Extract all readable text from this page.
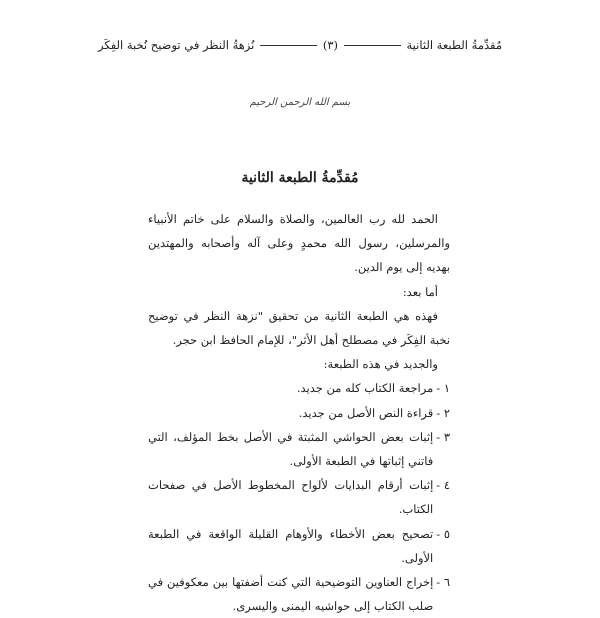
مُقدِّمةُ الطبعة الثانية
(٣)
نُزهةُ النظر في توضيح نُخبة الفِكَر
بسم الله الرحمن الرحيم
مُقدِّمةُ الطبعة الثانية

الحمد لله رب العالمين، والصلاة والسلام على خاتم الأنبياء والمرسلين، رسول الله محمدٍ وعلى آله وأصحابه والمهتدين بهديه إلى يوم الدين.

أما بعد:

فهذه هي الطبعة الثانية من تحقيق "نزهة النظر في توضيح نخبة الفِكَر في مصطلح أهل الأثر"، للإمام الحافظ ابن حجر.

والجديد في هذه الطبعة:

١ -
مراجعة الكتاب كله من جديد.
٢ -
قراءة النص الأصل من جديد.
٣ -
إثبات بعض الحواشي المثبتة في الأصل بخط المؤلف، التي فاتني إثباتها في الطبعة الأولى.
٤ -
إثبات أرقام البدايات لألواح المخطوط الأصل في صفحات الكتاب.
٥ -
تصحيح بعض الأخطاء والأوهام القليلة الواقعة في الطبعة الأولى.
٦ -
إخراج العناوين التوضيحية التي كنت أضفتها بين معكوفين في صلب الكتاب إلى حواشيه اليمنى واليسرى.
